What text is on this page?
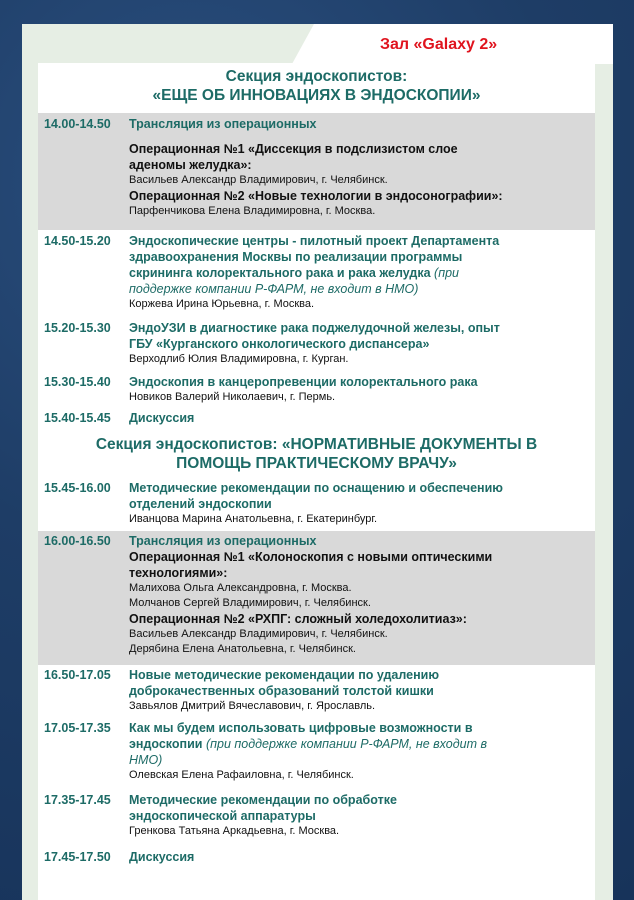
Зал «Galaxy 2»
Секция эндоскопистов:
«ЕЩЕ ОБ ИННОВАЦИЯХ В ЭНДОСКОПИИ»
14.00-14.50 Трансляция из операционных
Операционная №1 «Диссекция в подслизистом слое
аденомы желудка»:
Васильев Александр Владимирович, г. Челябинск.
Операционная №2 «Новые технологии в эндосонографии»:
Парфенчикова Елена Владимировна, г. Москва.
14.50-15.20 Эндоскопические центры - пилотный проект Департамента
здравоохранения Москвы по реализации программы
скрининга колоректального рака и рака желудка (при
поддержке компании Р-ФАРМ, не входит в НМО)
Коржева Ирина Юрьевна, г. Москва.
15.20-15.30 ЭндоУЗИ в диагностике рака поджелудочной железы, опыт
ГБУ «Курганского онкологического диспансера»
Верходлиб Юлия Владимировна, г. Курган.
15.30-15.40 Эндоскопия в канцеропревенции колоректального рака
Новиков Валерий Николаевич, г. Пермь.
15.40-15.45 Дискуссия
Секция эндоскопистов: «НОРМАТИВНЫЕ ДОКУМЕНТЫ В
ПОМОЩЬ ПРАКТИЧЕСКОМУ ВРАЧУ»
15.45-16.00 Методические рекомендации по оснащению и обеспечению
отделений эндоскопии
Иванцова Марина Анатольевна, г. Екатеринбург.
16.00-16.50 Трансляция из операционных
Операционная №1 «Колоноскопия с новыми оптическими
технологиями»:
Малихова Ольга Александровна, г. Москва.
Молчанов Сергей Владимирович, г. Челябинск.
Операционная №2 «РХПГ: сложный холедохолитиаз»:
Васильев Александр Владимирович, г. Челябинск.
Дерябина Елена Анатольевна, г. Челябинск.
16.50-17.05 Новые методические рекомендации по удалению
доброкачественных образований толстой кишки
Завьялов Дмитрий Вячеславович, г. Ярославль.
17.05-17.35 Как мы будем использовать цифровые возможности в
эндоскопии (при поддержке компании Р-ФАРМ, не входит в
НМО)
Олевская Елена Рафаиловна, г. Челябинск.
17.35-17.45 Методические рекомендации по обработке
эндоскопической аппаратуры
Гренкова Татьяна Аркадьевна, г. Москва.
17.45-17.50 Дискуссия
